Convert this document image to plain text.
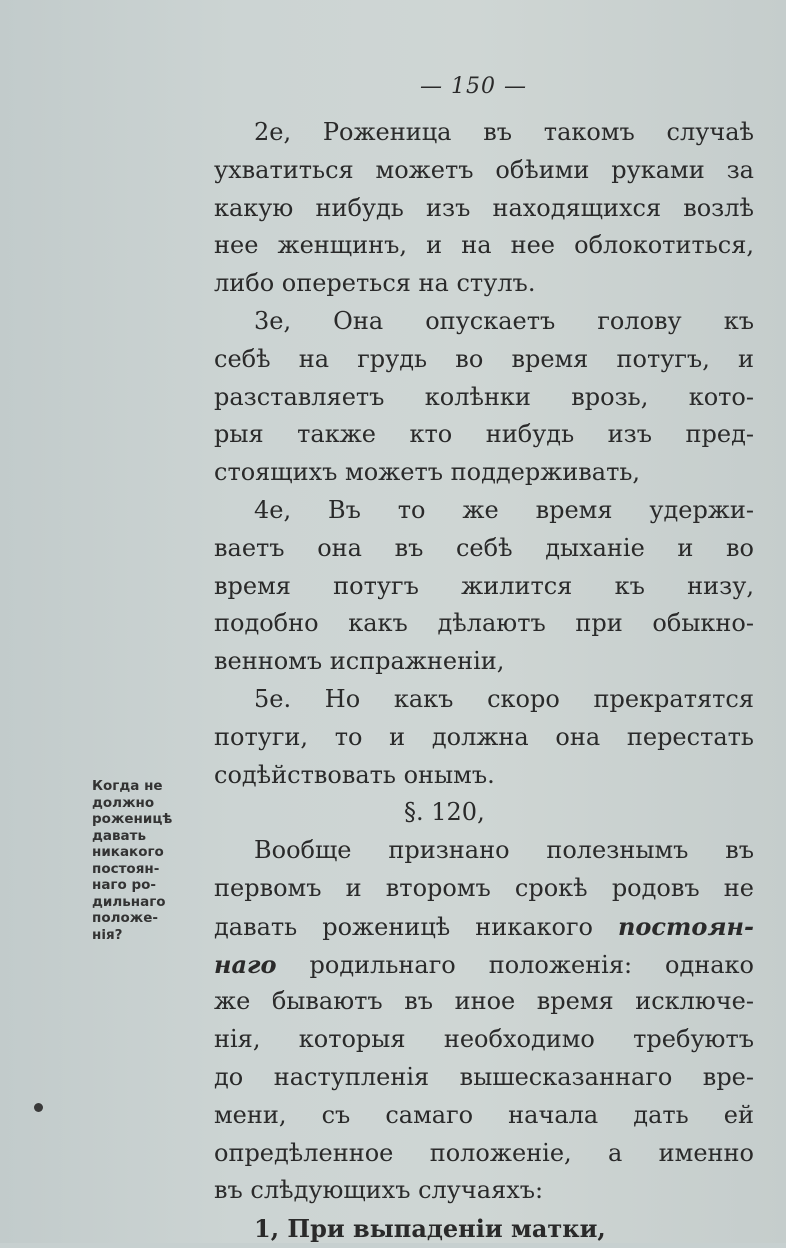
— 150 —
Когда не
должно
роженицѣ
давать
никакого
постоян-
наго ро-
дильнаго
положе-
нія?
2е, Роженица въ такомъ случаѣ
ухватиться можетъ обѣими руками за
какую нибудь изъ находящихся возлѣ
нее женщинъ, и на нее облокотиться,
либо опереться на стулъ.
3е, Она опускаетъ голову къ
себѣ на грудь во время потугъ, и
разставляетъ колѣнки врозь, кото-
рыя также кто нибудь изъ пред-
стоящихъ можетъ поддерживать,
4е, Въ то же время удержи-
ваетъ она въ себѣ дыханіе и во
время потугъ жилится къ низу,
подобно какъ дѣлаютъ при обыкно-
венномъ испражненіи,
5е. Но какъ скоро прекратятся
потуги, то и должна она перестать
содѣйствовать онымъ.
§. 120,
Вообще признано полезнымъ въ
первомъ и второмъ срокѣ родовъ не
давать роженицѣ никакого постоян-
наго родильнаго положенія: однако
же бываютъ въ иное время исключе-
нія, которыя необходимо требуютъ
до наступленія вышесказаннаго вре-
мени, съ самаго начала дать ей
опредѣленное положеніе, а именно
въ слѣдующихъ случаяхъ:
1, При выпаденіи матки,
